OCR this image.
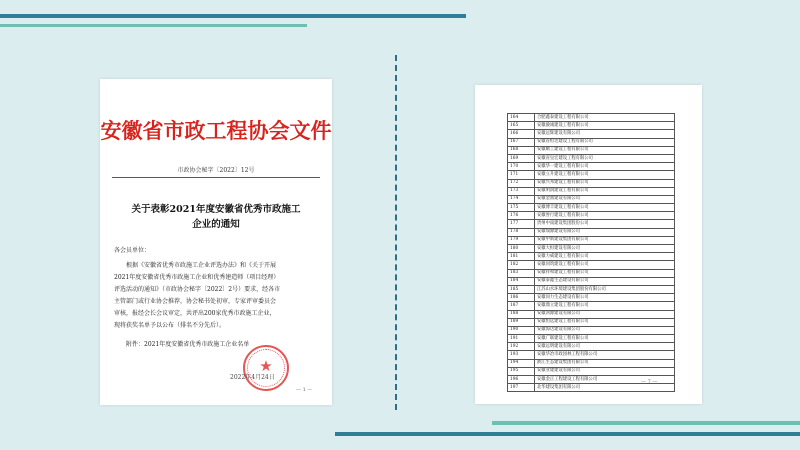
安徽省市政工程协会文件
市政协会秘字〔2022〕12号
关于表彰2021年度安徽省优秀市政施工
企业的通知
各会员单位：
　　根据《安徽省优秀市政施工企业评选办法》和《关于开展
2021年度安徽省优秀市政施工企业和优秀建造师（项目经理）
评选活动的通知》（市政协会秘字〔2022〕2号）要求，经各市
主管部门或行业协会推荐，协会秘书处初审，专家评审委员会
审核，报经会长会议审定，共评出200家优秀市政施工企业，
现将获奖名单予以公布（排名不分先后）。
附件：2021年度安徽省优秀市政施工企业名单
★
2022年4月24日
— 1 —
164	合肥鑫泰建设工程有限公司
165	安徽骏诚建设工程有限公司
166	安徽远辉建设有限公司
167	安徽省恒达建设工程有限公司
168	安徽顺工建设工程有限公司
169	安徽省皇宏建设工程有限公司
170	安徽华一建设工程有限公司
171	安徽立升建设工程有限公司
172	安徽兴邦建设工程有限公司
173	安徽明润建设工程有限公司
174	安徽金鼎建设有限公司
175	安徽博丰建设工程有限公司
176	安徽誉行建设工程有限公司
177	贵州中南建设集团股份公司
178	安徽瑞源建设有限公司
179	安徽中新建设集团有限公司
180	安徽大恒建设有限公司
181	安徽力威建设工程有限公司
182	安徽同筑建设工程有限公司
183	安徽祥和建设工程有限公司
184	安徽泰鑫生态建设有限公司
185	江苏山水环境建设集团股份有限公司
186	安徽同力生态建设有限公司
187	安徽鼎立建设工程有限公司
188	安徽鸿源建设有限公司
189	安徽恒远建设工程有限公司
190	安徽海达建设有限公司
191	安徽广联建设工程有限公司
192	安徽远明建设有限公司
193	安徽华冶市政园林工程有限公司
194	浙江生态建设集团有限公司
195	安徽业建建设有限公司
196	安徽金正工程建设工程有限公司
197	北华建设集团有限公司
— 7 —
